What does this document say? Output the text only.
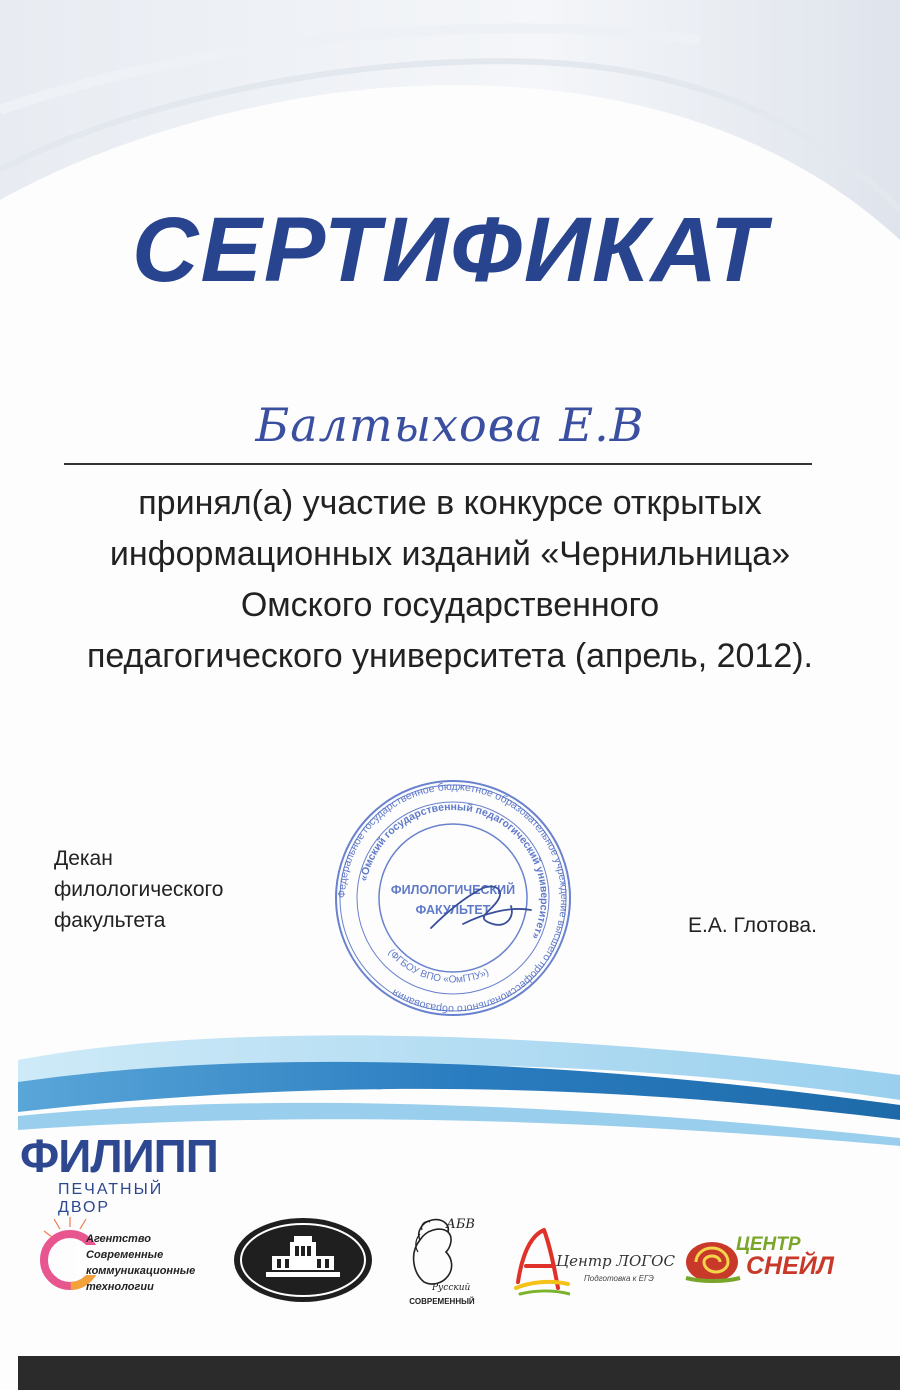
СЕРТИФИКАТ
Балтыхова Е.В
принял(а) участие в конкурсе открытых
информационных изданий «Чернильница»
Омского государственного
педагогического университета (апрель, 2012).
Декан
филологического
факультета	Е.А. Глотова.
Федеральное государственное бюджетное образовательное учреждение высшего профессионального образования
«Омский государственный педагогический университет»
(ФГБОУ ВПО «ОмГПУ»)
ФИЛОЛОГИЧЕСКИЙ
ФАКУЛЬТЕТ
ФИЛИПП
ПЕЧАТНЫЙ ДВОР
Агентство
Современные
коммуникационные
технологии
АБВ
Русский
СОВРЕМЕННЫЙ
Центр ЛОГОС
Подготовка к ЕГЭ
ЦЕНТР
СНЕЙЛ
